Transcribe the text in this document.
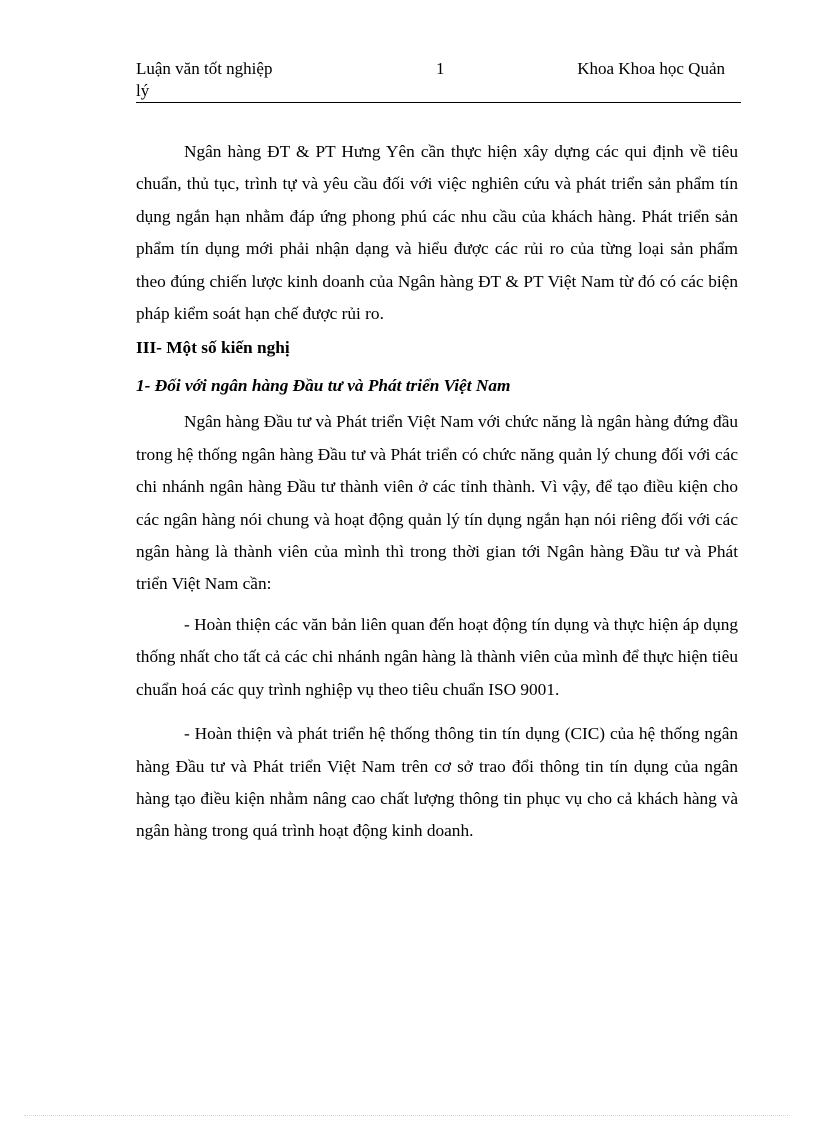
Luận văn tốt nghiệp
lý
1	Khoa Khoa học Quản

Ngân hàng ĐT & PT Hưng Yên cần thực hiện xây dựng các qui định về tiêu chuẩn, thủ tục, trình tự và yêu cầu đối với việc nghiên cứu và phát triển sản phẩm tín dụng ngắn hạn nhằm đáp ứng phong phú các nhu cầu của khách hàng. Phát triển sản phẩm tín dụng mới phải nhận dạng và hiểu được các rủi ro của từng loại sản phẩm theo đúng chiến lược kinh doanh của Ngân hàng ĐT & PT Việt Nam từ đó có các biện pháp kiểm soát hạn chế được rủi ro.

III- Một số kiến nghị
1- Đối với ngân hàng Đầu tư và Phát triển Việt Nam

Ngân hàng Đầu tư và Phát triển Việt Nam với chức năng là ngân hàng đứng đầu trong hệ thống ngân hàng Đầu tư và Phát triển có chức năng quản lý chung đối với các chi nhánh ngân hàng Đầu tư thành viên ở các tỉnh thành. Vì vậy, để tạo điều kiện cho các ngân hàng nói chung và hoạt động quản lý tín dụng ngắn hạn nói riêng đối với các ngân hàng là thành viên của mình thì trong thời gian tới Ngân hàng Đầu tư và Phát triển Việt Nam cần:

- Hoàn thiện các văn bản liên quan đến hoạt động tín dụng và thực hiện áp dụng thống nhất cho tất cả các chi nhánh ngân hàng là thành viên của mình để thực hiện tiêu chuẩn hoá các quy trình nghiệp vụ theo tiêu chuẩn ISO 9001.

- Hoàn thiện và phát triển hệ thống thông tin tín dụng (CIC) của hệ thống ngân hàng Đầu tư và Phát triển Việt Nam trên cơ sở trao đổi thông tin tín dụng của ngân hàng tạo điều kiện nhằm nâng cao chất lượng thông tin phục vụ cho cả khách hàng và ngân hàng trong quá trình hoạt động kinh doanh.
